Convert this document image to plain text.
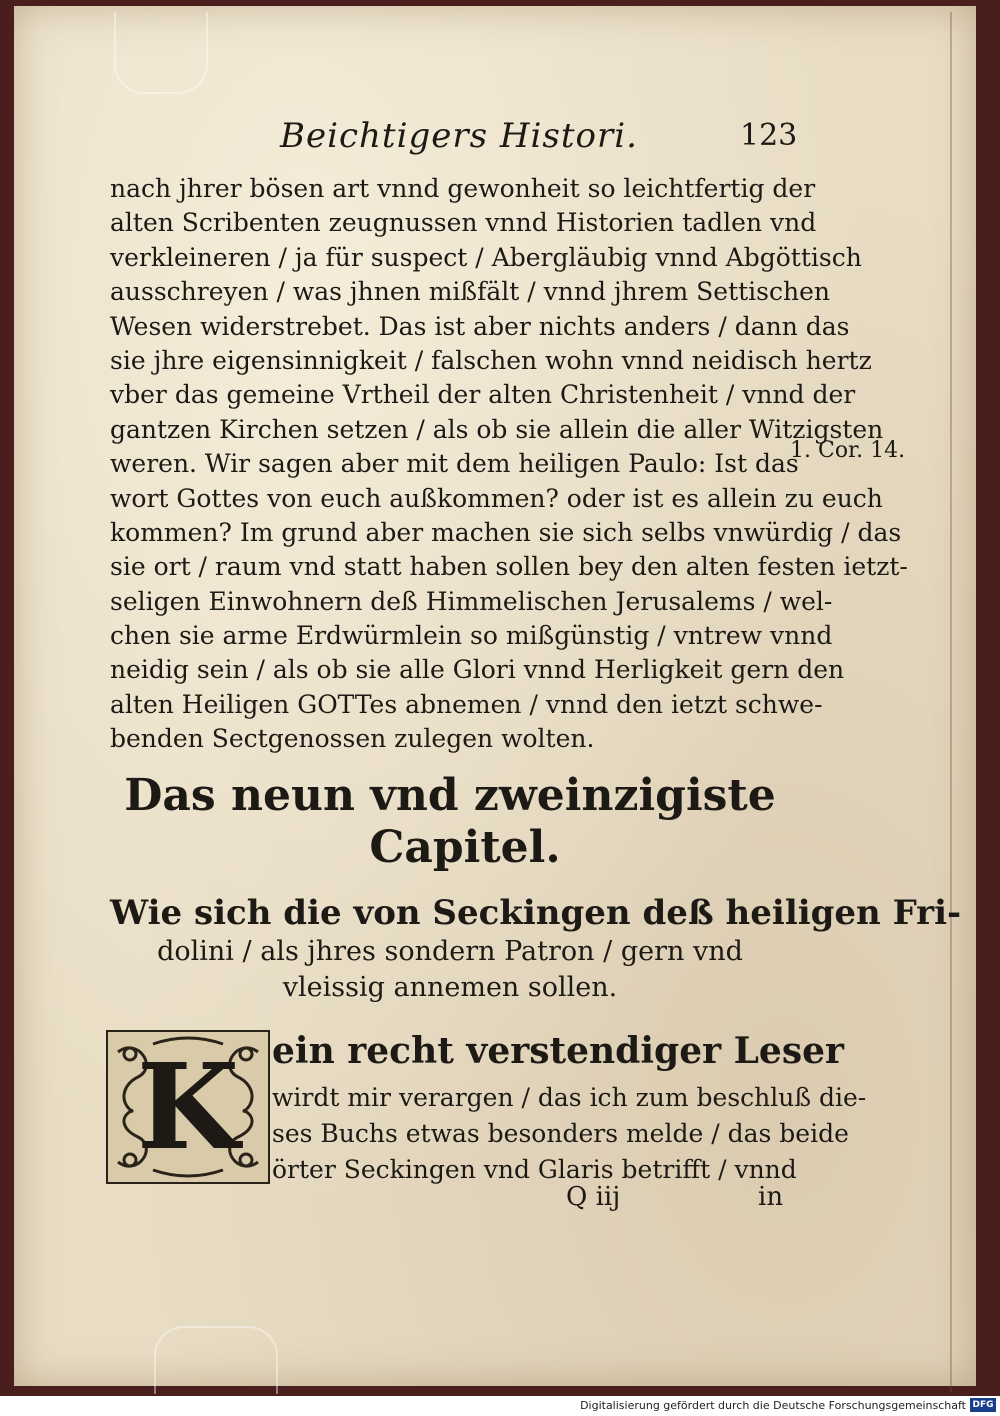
Beichtigers Histori.	123
nach jhrer bösen art vnnd gewonheit so leichtfertig der
alten Scribenten zeugnussen vnnd Historien tadlen vnd
verkleineren / ja für suspect / Abergläubig vnnd Abgöttisch
ausschreyen / was jhnen mißfält / vnnd jhrem Settischen
Wesen widerstrebet. Das ist aber nichts anders / dann das
sie jhre eigensinnigkeit / falschen wohn vnnd neidisch hertz
vber das gemeine Vrtheil der alten Christenheit / vnnd der
gantzen Kirchen setzen / als ob sie allein die aller Witzigsten
weren. Wir sagen aber mit dem heiligen Paulo: Ist das
wort Gottes von euch außkommen? oder ist es allein zu euch
kommen? Im grund aber machen sie sich selbs vnwürdig / das
sie ort / raum vnd statt haben sollen bey den alten festen ietzt-
seligen Einwohnern deß Himmelischen Jerusalems / wel-
chen sie arme Erdwürmlein so mißgünstig / vntrew vnnd
neidig sein / als ob sie alle Glori vnnd Herligkeit gern den
alten Heiligen GOTTes abnemen / vnnd den ietzt schwe-
benden Sectgenossen zulegen wolten.
1. Cor. 14.
Das neun vnd zweinzigiste
Capitel.
Wie sich die von Seckingen deß heiligen Fri-
dolini / als jhres sondern Patron / gern vnd
vleissig annemen sollen.
K ein recht verstendiger Leser
wirdt mir verargen / das ich zum beschluß die-
ses Buchs etwas besonders melde / das beide
örter Seckingen vnd Glaris betrifft / vnnd
Q iij	in
Digitalisierung gefördert durch die Deutsche Forschungsgemeinschaft DFG
